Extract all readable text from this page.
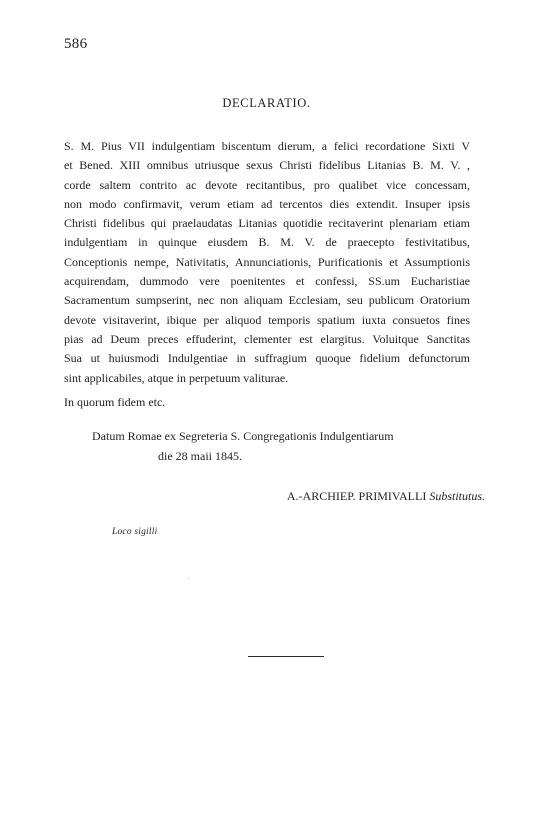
586
DECLARATIO.
S. M. Pius VII indulgentiam biscentum dierum, a felici recordatione Sixti V
et Bened. XIII omnibus utriusque sexus Christi fidelibus Litanias B. M. V. ,
corde saltem contrito ac devote recitantibus, pro qualibet vice concessam,
non modo confirmavit, verum etiam ad tercentos dies extendit. Insuper ipsis
Christi fidelibus qui praelaudatas Litanias quotidie recitaverint plenariam etiam
indulgentiam in quinque eiusdem B. M. V. de praecepto festivitatibus,
Conceptionis nempe, Nativitatis, Annunciationis, Purificationis et Assumptionis
acquirendam, dummodo vere poenitentes et confessi, SS.um Eucharistiae
Sacramentum sumpserint, nec non aliquam Ecclesiam, seu publicum Oratorium
devote visitaverint, ibique per aliquod temporis spatium iuxta consuetos fines
pias ad Deum preces effuderint, clementer est elargitus. Voluitque Sanctitas
Sua ut huiusmodi Indulgentiae in suffragium quoque fidelium defunctorum
sint applicabiles, atque in perpetuum valiturae.
In quorum fidem etc.
Datum Romae ex Segreteria S. Congregationis Indulgentiarum
die 28 maii 1845.
A.-ARCHIEP. PRIMIVALLI Substitutus.
Loco sigilli
